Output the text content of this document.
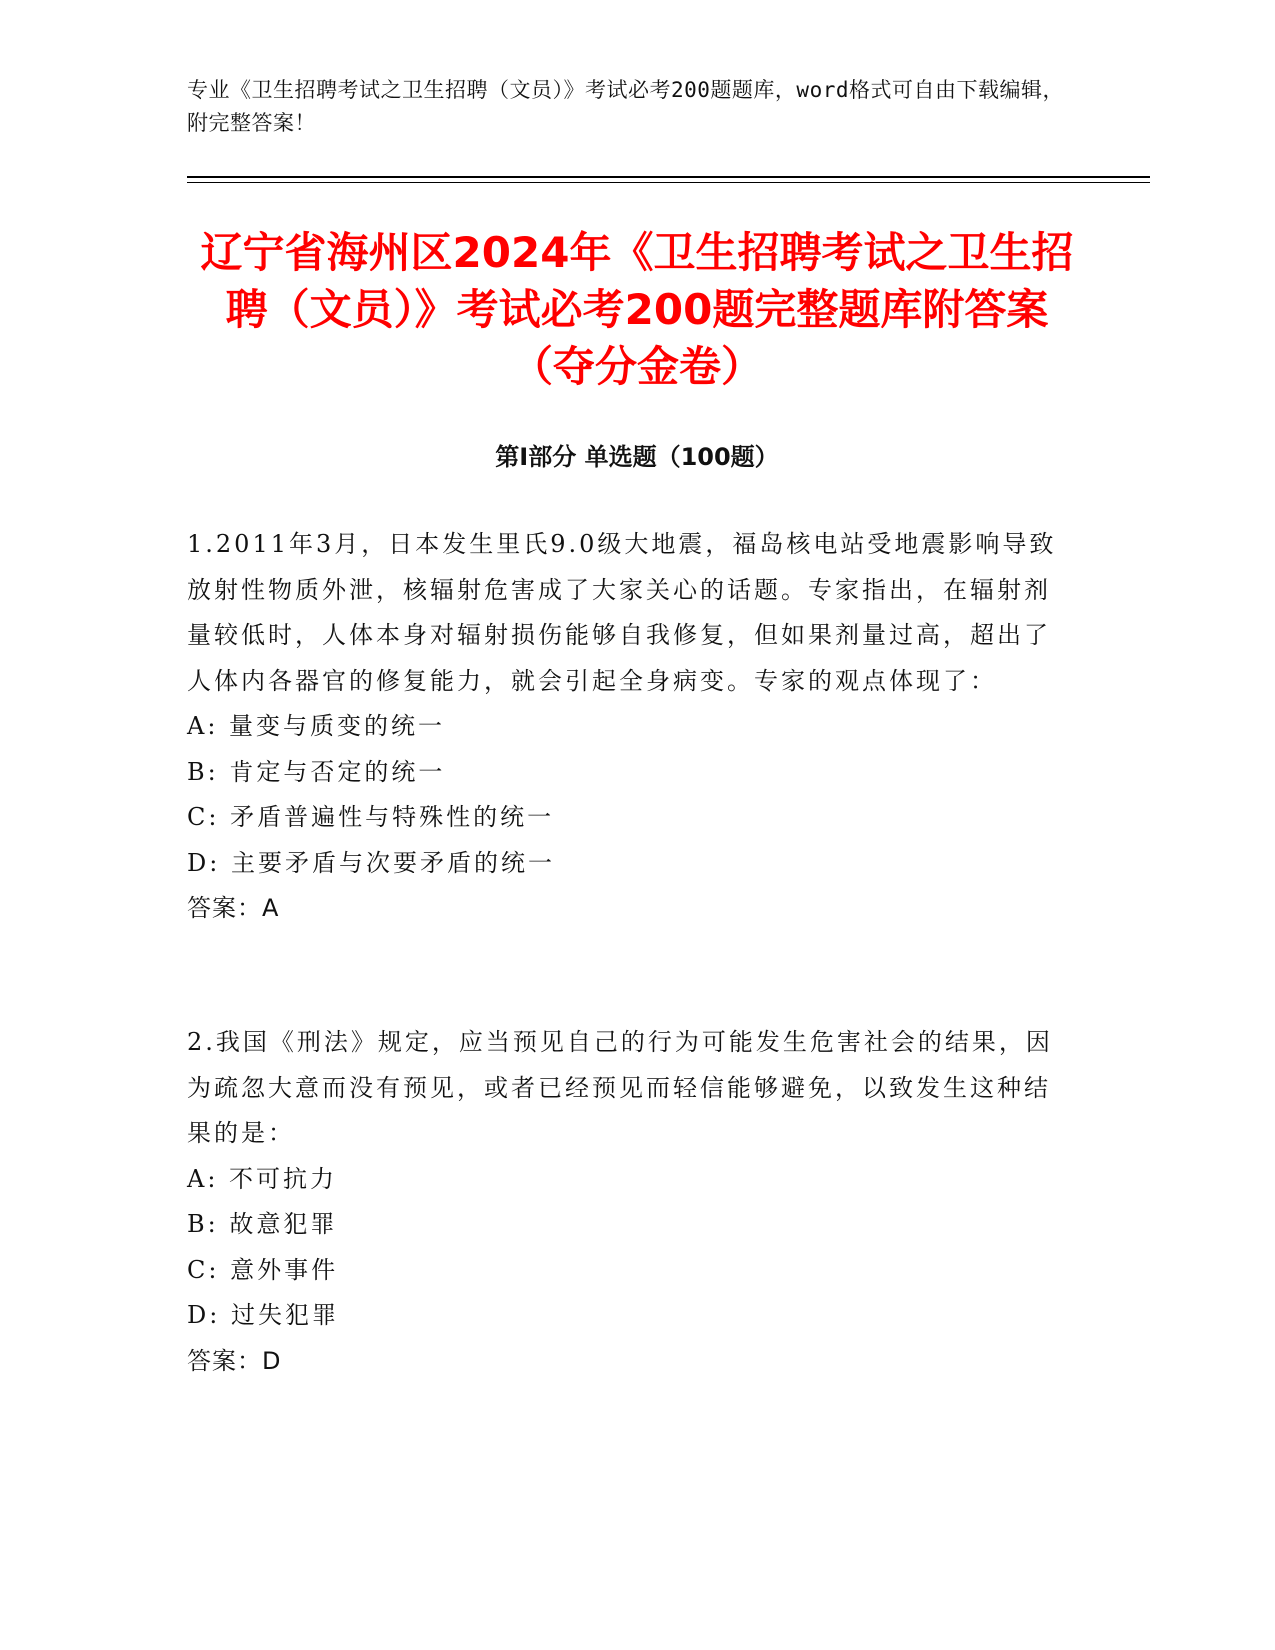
专业《卫生招聘考试之卫生招聘（文员）》考试必考200题题库，word格式可自由下载编辑，附完整答案！
辽宁省海州区2024年《卫生招聘考试之卫生招聘（文员）》考试必考200题完整题库附答案（夺分金卷）
第Ⅰ部分 单选题（100题）
1.2011年3月，日本发生里氏9.0级大地震，福岛核电站受地震影响导致放射性物质外泄，核辐射危害成了大家关心的话题。专家指出，在辐射剂量较低时，人体本身对辐射损伤能够自我修复，但如果剂量过高，超出了人体内各器官的修复能力，就会引起全身病变。专家的观点体现了：
A: 量变与质变的统一
B: 肯定与否定的统一
C: 矛盾普遍性与特殊性的统一
D: 主要矛盾与次要矛盾的统一
答案：A
2.我国《刑法》规定，应当预见自己的行为可能发生危害社会的结果，因为疏忽大意而没有预见，或者已经预见而轻信能够避免，以致发生这种结果的是：
A: 不可抗力
B: 故意犯罪
C: 意外事件
D: 过失犯罪
答案：D
